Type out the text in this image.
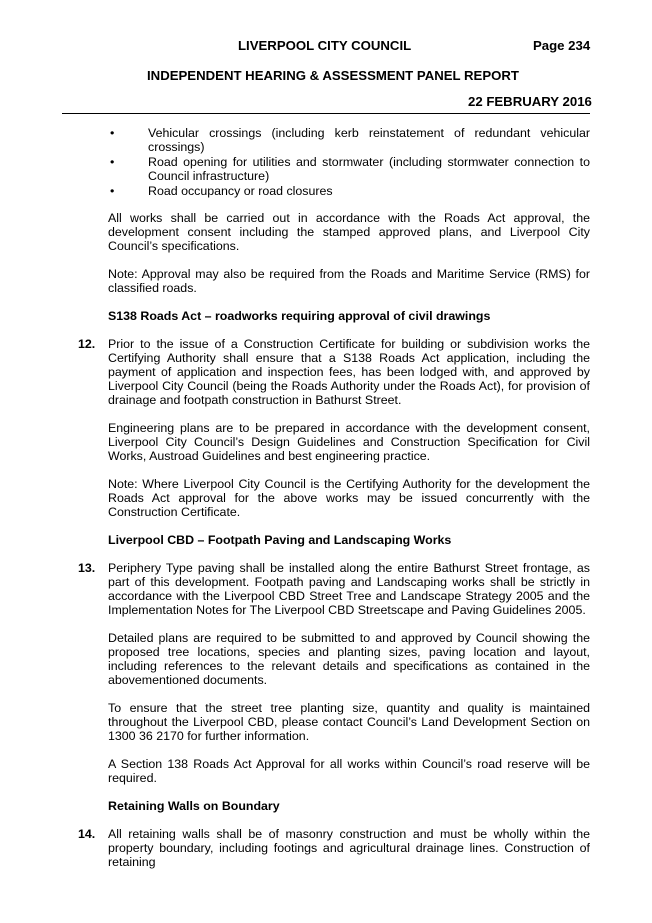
LIVERPOOL CITY COUNCIL	Page 234
INDEPENDENT HEARING & ASSESSMENT PANEL REPORT
22 FEBRUARY 2016
•	Vehicular crossings (including kerb reinstatement of redundant vehicular crossings)
•	Road opening for utilities and stormwater (including stormwater connection to Council infrastructure)
•	Road occupancy or road closures

All works shall be carried out in accordance with the Roads Act approval, the development consent including the stamped approved plans, and Liverpool City Council’s specifications.

Note: Approval may also be required from the Roads and Maritime Service (RMS) for classified roads.

S138 Roads Act – roadworks requiring approval of civil drawings
12. Prior to the issue of a Construction Certificate for building or subdivision works the Certifying Authority shall ensure that a S138 Roads Act application, including the payment of application and inspection fees, has been lodged with, and approved by Liverpool City Council (being the Roads Authority under the Roads Act), for provision of drainage and footpath construction in Bathurst Street.

Engineering plans are to be prepared in accordance with the development consent, Liverpool City Council’s Design Guidelines and Construction Specification for Civil Works, Austroad Guidelines and best engineering practice.

Note: Where Liverpool City Council is the Certifying Authority for the development the Roads Act approval for the above works may be issued concurrently with the Construction Certificate.

Liverpool CBD – Footpath Paving and Landscaping Works
13. Periphery Type paving shall be installed along the entire Bathurst Street frontage, as part of this development. Footpath paving and Landscaping works shall be strictly in accordance with the Liverpool CBD Street Tree and Landscape Strategy 2005 and the Implementation Notes for The Liverpool CBD Streetscape and Paving Guidelines 2005.

Detailed plans are required to be submitted to and approved by Council showing the proposed tree locations, species and planting sizes, paving location and layout, including references to the relevant details and specifications as contained in the abovementioned documents.

To ensure that the street tree planting size, quantity and quality is maintained throughout the Liverpool CBD, please contact Council’s Land Development Section on 1300 36 2170 for further information.

A Section 138 Roads Act Approval for all works within Council’s road reserve will be required.

Retaining Walls on Boundary
14. All retaining walls shall be of masonry construction and must be wholly within the property boundary, including footings and agricultural drainage lines. Construction of retaining
